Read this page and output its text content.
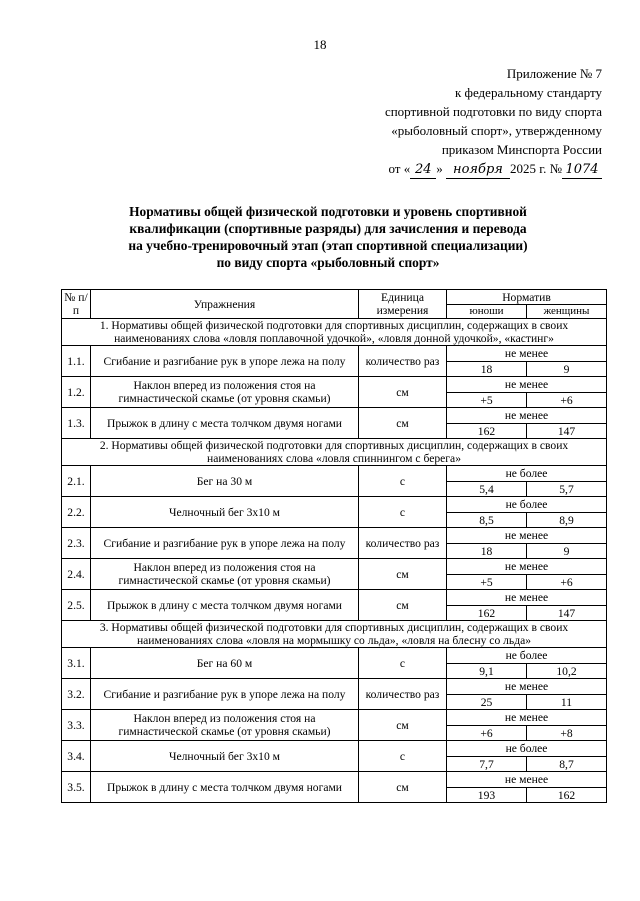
18
Приложение № 7
к федеральному стандарту
спортивной подготовки по виду спорта
«рыболовный спорт», утвержденному
приказом Минспорта России
от « 24 » ноября 2025 г. № 1074
Нормативы общей физической подготовки и уровень спортивной
квалификации (спортивные разряды) для зачисления и перевода
на учебно-тренировочный этап (этап спортивной специализации)
по виду спорта «рыболовный спорт»
№ п/п	Упражнения	Единица измерения	Норматив	
			юноши	женщины
1. Нормативы общей физической подготовки для спортивных дисциплин, содержащих в своих наименованиях слова «ловля поплавочной удочкой», «ловля донной удочкой», «кастинг»				
1.1.	Сгибание и разгибание рук в упоре лежа на полу	количество раз	не менее	
			18	9
1.2.	Наклон вперед из положения стоя на гимнастической скамье (от уровня скамьи)	см	не менее	
			+5	+6
1.3.	Прыжок в длину с места толчком двумя ногами	см	не менее	
			162	147
2. Нормативы общей физической подготовки для спортивных дисциплин, содержащих в своих наименованиях слова «ловля спиннингом с берега»				
2.1.	Бег на 30 м	с	не более	
			5,4	5,7
2.2.	Челночный бег 3х10 м	с	не более	
			8,5	8,9
2.3.	Сгибание и разгибание рук в упоре лежа на полу	количество раз	не менее	
			18	9
2.4.	Наклон вперед из положения стоя на гимнастической скамье (от уровня скамьи)	см	не менее	
			+5	+6
2.5.	Прыжок в длину с места толчком двумя ногами	см	не менее	
			162	147
3. Нормативы общей физической подготовки для спортивных дисциплин, содержащих в своих наименованиях слова «ловля на мормышку со льда», «ловля на блесну со льда»				
3.1.	Бег на 60 м	с	не более	
			9,1	10,2
3.2.	Сгибание и разгибание рук в упоре лежа на полу	количество раз	не менее	
			25	11
3.3.	Наклон вперед из положения стоя на гимнастической скамье (от уровня скамьи)	см	не менее	
			+6	+8
3.4.	Челночный бег 3х10 м	с	не более	
			7,7	8,7
3.5.	Прыжок в длину с места толчком двумя ногами	см	не менее	
			193	162
